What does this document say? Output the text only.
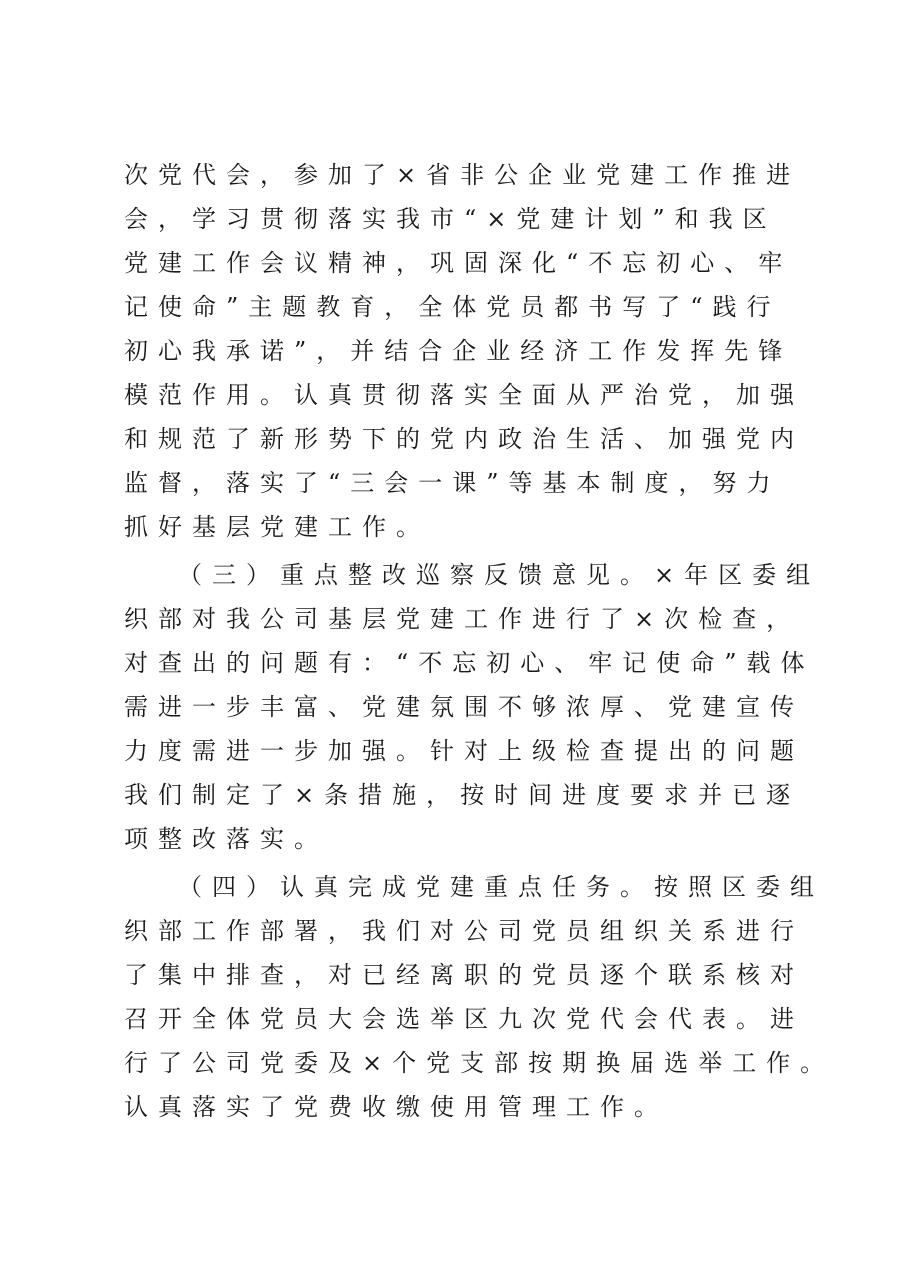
次党代会，参加了×省非公企业党建工作推进
会，学习贯彻落实我市“×党建计划”和我区
党建工作会议精神，巩固深化“不忘初心、牢
记使命”主题教育，全体党员都书写了“践行
初心我承诺”，并结合企业经济工作发挥先锋
模范作用。认真贯彻落实全面从严治党，加强
和规范了新形势下的党内政治生活、加强党内
监督，落实了“三会一课”等基本制度，努力
抓好基层党建工作。
（三）重点整改巡察反馈意见。×年区委组
织部对我公司基层党建工作进行了×次检查，
对查出的问题有：“不忘初心、牢记使命”载体
需进一步丰富、党建氛围不够浓厚、党建宣传
力度需进一步加强。针对上级检查提出的问题
我们制定了×条措施，按时间进度要求并已逐
项整改落实。
（四）认真完成党建重点任务。按照区委组
织部工作部署，我们对公司党员组织关系进行
了集中排查，对已经离职的党员逐个联系核对
召开全体党员大会选举区九次党代会代表。进
行了公司党委及×个党支部按期换届选举工作。
认真落实了党费收缴使用管理工作。
